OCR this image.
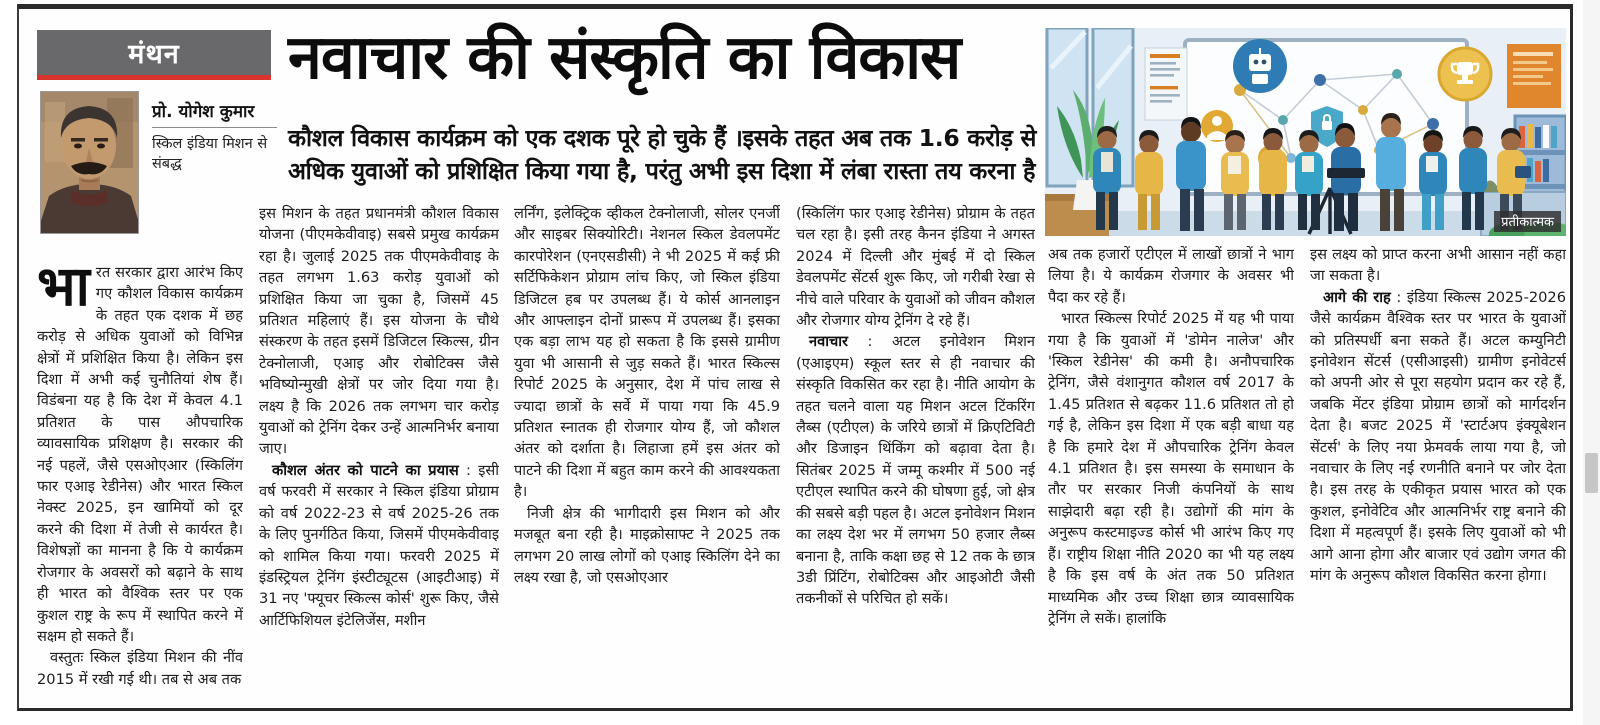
मंथन
प्रो. योगेश कुमार
स्किल इंडिया मिशन से संबद्ध
नवाचार की संस्कृति का विकास
कौशल विकास कार्यक्रम को एक दशक पूरे हो चुके हैं ।इसके तहत अब तक 1.6 करोड़ से अधिक युवाओं को प्रशिक्षित किया गया है, परंतु अभी इस दिशा में लंबा रास्ता तय करना है
प्रतीकात्मक

भारत सरकार द्वारा आरंभ किए गए कौशल विकास कार्यक्रम के तहत एक दशक में छह करोड़ से अधिक युवाओं को विभिन्न क्षेत्रों में प्रशिक्षित किया है। लेकिन इस दिशा में अभी कई चुनौतियां शेष हैं। विडंबना यह है कि देश में केवल 4.1 प्रतिशत के पास औपचारिक व्यावसायिक प्रशिक्षण है। सरकार की नई पहलें, जैसे एसओएआर (स्किलिंग फार एआइ रेडीनेस) और भारत स्किल नेक्स्ट 2025, इन खामियों को दूर करने की दिशा में तेजी से कार्यरत है। विशेषज्ञों का मानना है कि ये कार्यक्रम रोजगार के अवसरों को बढ़ाने के साथ ही भारत को वैश्विक स्तर पर एक कुशल राष्ट्र के रूप में स्थापित करने में सक्षम हो सकते हैं।

वस्तुतः स्किल इंडिया मिशन की नींव 2015 में रखी गई थी। तब से अब तक

इस मिशन के तहत प्रधानमंत्री कौशल विकास योजना (पीएमकेवीवाइ) सबसे प्रमुख कार्यक्रम रहा है। जुलाई 2025 तक पीएमकेवीवाइ के तहत लगभग 1.63 करोड़ युवाओं को प्रशिक्षित किया जा चुका है, जिसमें 45 प्रतिशत महिलाएं हैं। इस योजना के चौथे संस्करण के तहत इसमें डिजिटल स्किल्स, ग्रीन टेक्नोलाजी, एआइ और रोबोटिक्स जैसे भविष्योन्मुखी क्षेत्रों पर जोर दिया गया है। लक्ष्य है कि 2026 तक लगभग चार करोड़ युवाओं को ट्रेनिंग देकर उन्हें आत्मनिर्भर बनाया जाए।

कौशल अंतर को पाटने का प्रयास : इसी वर्ष फरवरी में सरकार ने स्किल इंडिया प्रोग्राम को वर्ष 2022-23 से वर्ष 2025-26 तक के लिए पुनर्गठित किया, जिसमें पीएमकेवीवाइ को शामिल किया गया। फरवरी 2025 में इंडस्ट्रियल ट्रेनिंग इंस्टीट्यूटस (आइटीआइ) में 31 नए 'फ्यूचर स्किल्स कोर्स' शुरू किए, जैसे आर्टिफिशियल इंटेलिजेंस, मशीन

लर्निंग, इलेक्ट्रिक व्हीकल टेक्नोलाजी, सोलर एनर्जी और साइबर सिक्योरिटी। नेशनल स्किल डेवलपमेंट कारपोरेशन (एनएसडीसी) ने भी 2025 में कई फ्री सर्टिफिकेशन प्रोग्राम लांच किए, जो स्किल इंडिया डिजिटल हब पर उपलब्ध हैं। ये कोर्स आनलाइन और आफ्लाइन दोनों प्रारूप में उपलब्ध हैं। इसका एक बड़ा लाभ यह हो सकता है कि इससे ग्रामीण युवा भी आसानी से जुड़ सकते हैं। भारत स्किल्स रिपोर्ट 2025 के अनुसार, देश में पांच लाख से ज्यादा छात्रों के सर्वे में पाया गया कि 45.9 प्रतिशत स्नातक ही रोजगार योग्य हैं, जो कौशल अंतर को दर्शाता है। लिहाजा हमें इस अंतर को पाटने की दिशा में बहुत काम करने की आवश्यकता है।

निजी क्षेत्र की भागीदारी इस मिशन को और मजबूत बना रही है। माइक्रोसाफ्ट ने 2025 तक लगभग 20 लाख लोगों को एआइ स्किलिंग देने का लक्ष्य रखा है, जो एसओएआर

(स्किलिंग फार एआइ रेडीनेस) प्रोग्राम के तहत चल रहा है। इसी तरह कैनन इंडिया ने अगस्त 2024 में दिल्ली और मुंबई में दो स्किल डेवलपमेंट सेंटर्स शुरू किए, जो गरीबी रेखा से नीचे वाले परिवार के युवाओं को जीवन कौशल और रोजगार योग्य ट्रेनिंग दे रहे हैं।

नवाचार : अटल इनोवेशन मिशन (एआइएम) स्कूल स्तर से ही नवाचार की संस्कृति विकसित कर रहा है। नीति आयोग के तहत चलने वाला यह मिशन अटल टिंकरिंग लैब्स (एटीएल) के जरिये छात्रों में क्रिएटिविटी और डिजाइन थिंकिंग को बढ़ावा देता है। सितंबर 2025 में जम्मू कश्मीर में 500 नई एटीएल स्थापित करने की घोषणा हुई, जो क्षेत्र की सबसे बड़ी पहल है। अटल इनोवेशन मिशन का लक्ष्य देश भर में लगभग 50 हजार लैब्स बनाना है, ताकि कक्षा छह से 12 तक के छात्र 3डी प्रिंटिंग, रोबोटिक्स और आइओटी जैसी तकनीकों से परिचित हो सकें।

अब तक हजारों एटीएल में लाखों छात्रों ने भाग लिया है। ये कार्यक्रम रोजगार के अवसर भी पैदा कर रहे हैं।

भारत स्किल्स रिपोर्ट 2025 में यह भी पाया गया है कि युवाओं में 'डोमेन नालेज' और 'स्किल रेडीनेस' की कमी है। अनौपचारिक ट्रेनिंग, जैसे वंशानुगत कौशल वर्ष 2017 के 1.45 प्रतिशत से बढ़कर 11.6 प्रतिशत तो हो गई है, लेकिन इस दिशा में एक बड़ी बाधा यह है कि हमारे देश में औपचारिक ट्रेनिंग केवल 4.1 प्रतिशत है। इस समस्या के समाधान के तौर पर सरकार निजी कंपनियों के साथ साझेदारी बढ़ा रही है। उद्योगों की मांग के अनुरूप कस्टमाइज्ड कोर्स भी आरंभ किए गए हैं। राष्ट्रीय शिक्षा नीति 2020 का भी यह लक्ष्य है कि इस वर्ष के अंत तक 50 प्रतिशत माध्यमिक और उच्च शिक्षा छात्र व्यावसायिक ट्रेनिंग ले सकें। हालांकि

इस लक्ष्य को प्राप्त करना अभी आसान नहीं कहा जा सकता है।

आगे की राह : इंडिया स्किल्स 2025-2026 जैसे कार्यक्रम वैश्विक स्तर पर भारत के युवाओं को प्रतिस्पर्धी बना सकते हैं। अटल कम्युनिटी इनोवेशन सेंटर्स (एसीआइसी) ग्रामीण इनोवेटर्स को अपनी ओर से पूरा सहयोग प्रदान कर रहे हैं, जबकि मेंटर इंडिया प्रोग्राम छात्रों को मार्गदर्शन देता है। बजट 2025 में 'स्टार्टअप इंक्यूबेशन सेंटर्स' के लिए नया फ्रेमवर्क लाया गया है, जो नवाचार के लिए नई रणनीति बनाने पर जोर देता है। इस तरह के एकीकृत प्रयास भारत को एक कुशल, इनोवेटिव और आत्मनिर्भर राष्ट्र बनाने की दिशा में महत्वपूर्ण हैं। इसके लिए युवाओं को भी आगे आना होगा और बाजार एवं उद्योग जगत की मांग के अनुरूप कौशल विकसित करना होगा।
